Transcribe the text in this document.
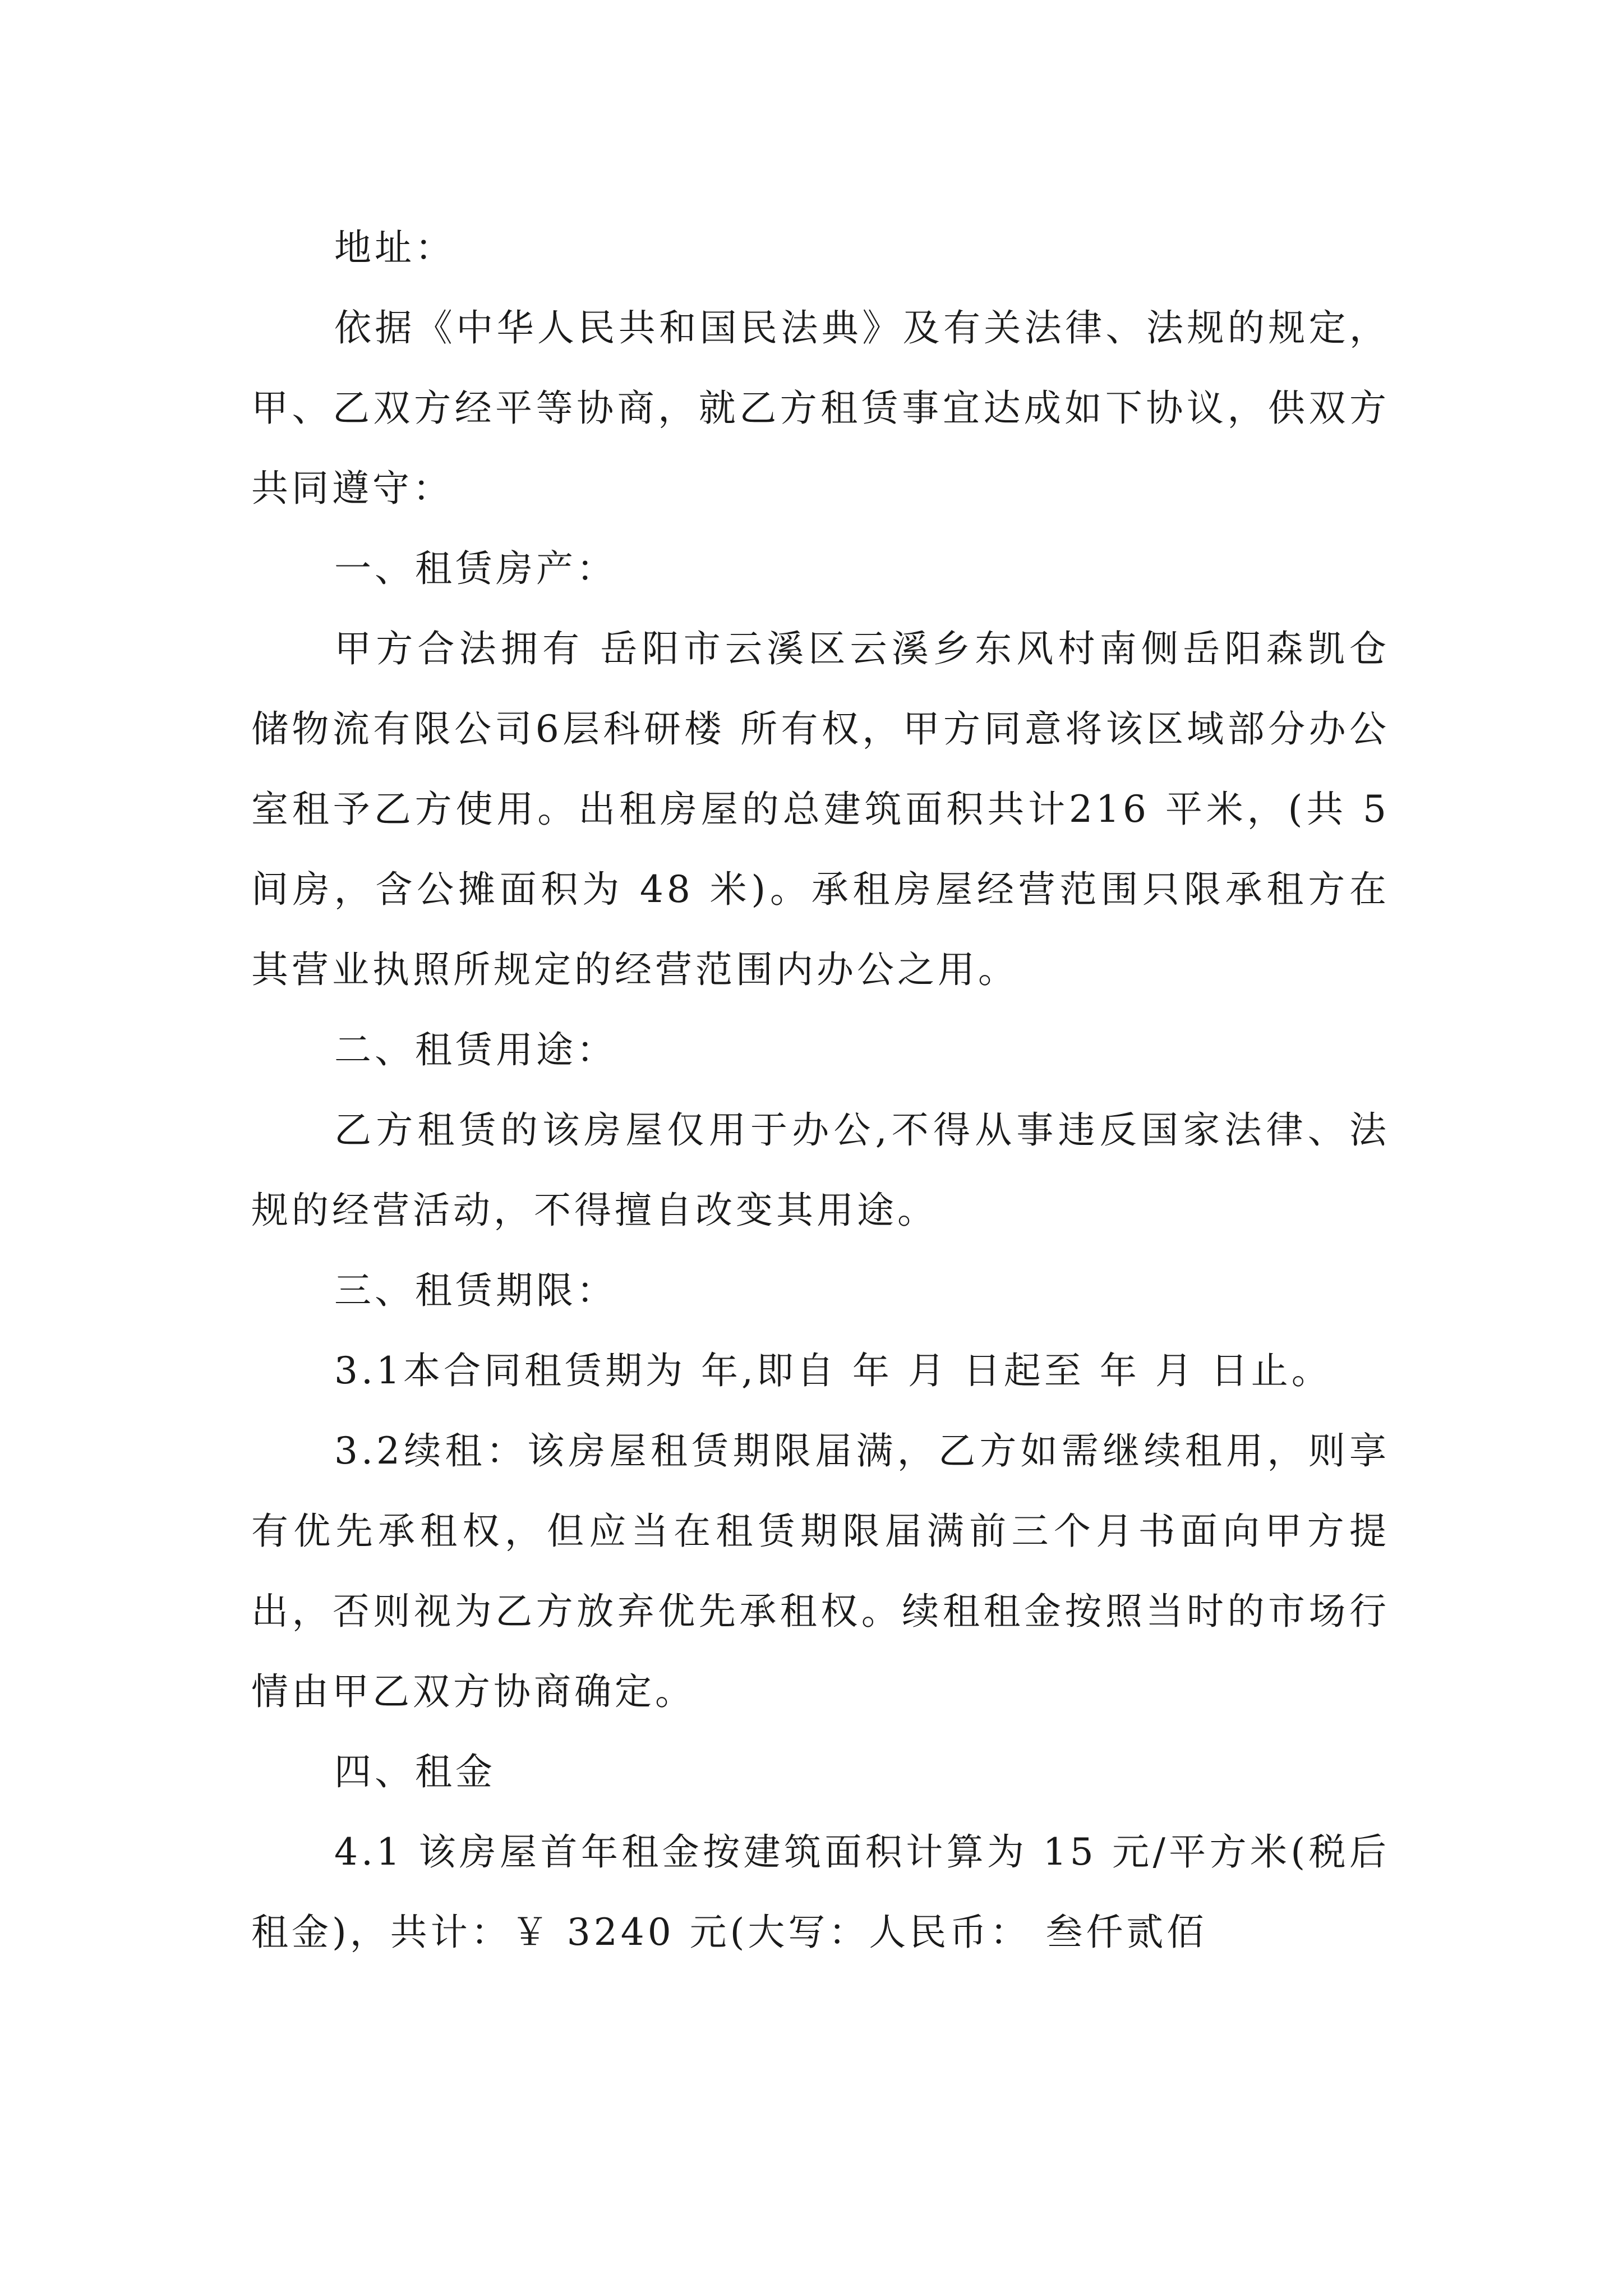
地址：

依据《中华人民共和国民法典》及有关法律、法规的规定，甲、乙双方经平等协商，就乙方租赁事宜达成如下协议，供双方共同遵守：

一、租赁房产：

甲方合法拥有 岳阳市云溪区云溪乡东风村南侧岳阳森凯仓储物流有限公司6层科研楼 所有权，甲方同意将该区域部分办公室租予乙方使用。出租房屋的总建筑面积共计216 平米，(共 5 间房，含公摊面积为 48 米)。承租房屋经营范围只限承租方在其营业执照所规定的经营范围内办公之用。

二、租赁用途：

乙方租赁的该房屋仅用于办公,不得从事违反国家法律、法规的经营活动，不得擅自改变其用途。

三、租赁期限：

3.1本合同租赁期为 年,即自 年 月 日起至 年 月 日止。

3.2续租：该房屋租赁期限届满，乙方如需继续租用，则享有优先承租权，但应当在租赁期限届满前三个月书面向甲方提出，否则视为乙方放弃优先承租权。续租租金按照当时的市场行情由甲乙双方协商确定。

四、租金

4.1 该房屋首年租金按建筑面积计算为 15 元/平方米(税后租金)，共计：￥ 3240 元(大写：人民币： 叁仟贰佰
